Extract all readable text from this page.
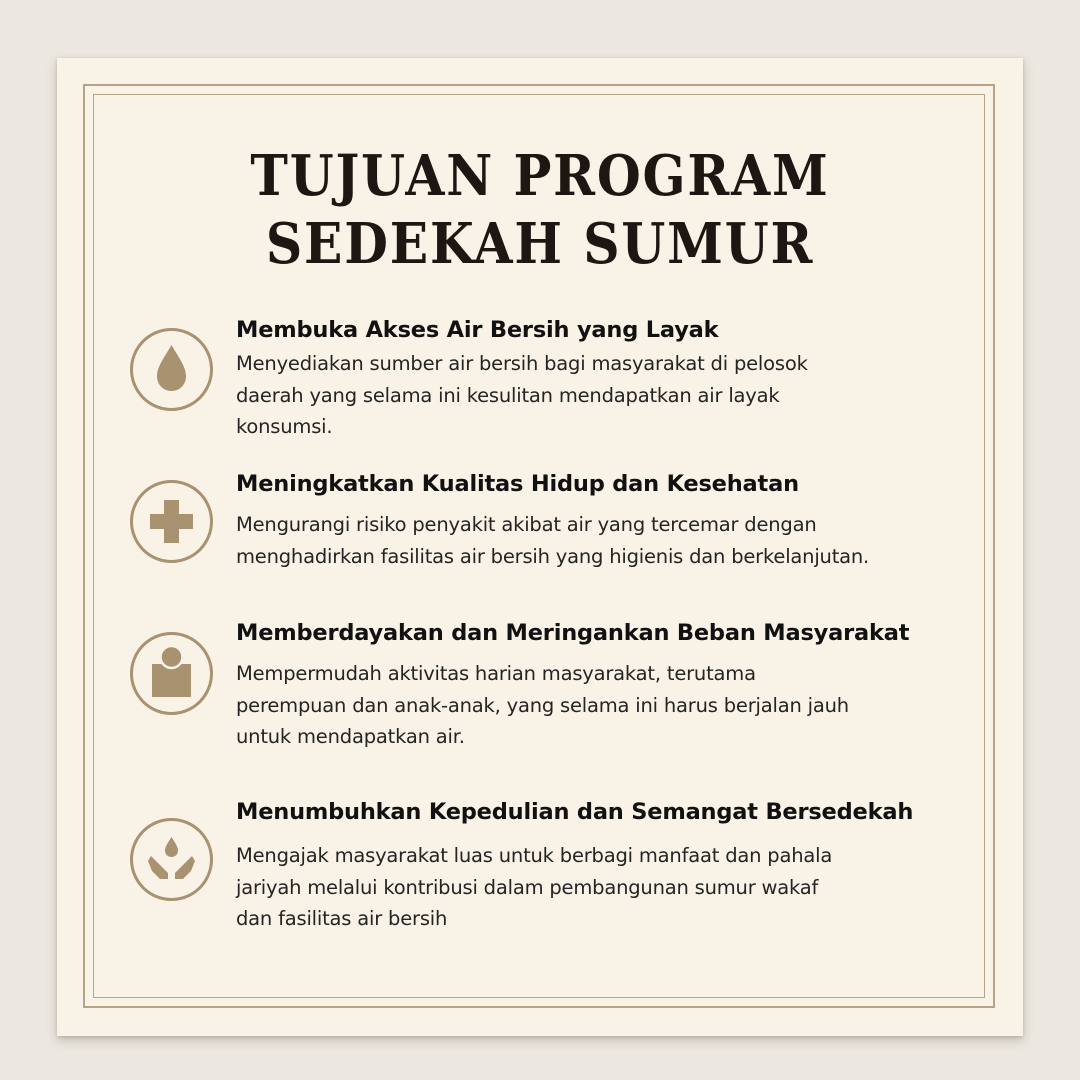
TUJUAN PROGRAM
SEDEKAH SUMUR
Membuka Akses Air Bersih yang Layak

Menyediakan sumber air bersih bagi masyarakat di pelosok
daerah yang selama ini kesulitan mendapatkan air layak
konsumsi.

Meningkatkan Kualitas Hidup dan Kesehatan

Mengurangi risiko penyakit akibat air yang tercemar dengan
menghadirkan fasilitas air bersih yang higienis dan berkelanjutan.

Memberdayakan dan Meringankan Beban Masyarakat

Mempermudah aktivitas harian masyarakat, terutama
perempuan dan anak-anak, yang selama ini harus berjalan jauh
untuk mendapatkan air.

Menumbuhkan Kepedulian dan Semangat Bersedekah

Mengajak masyarakat luas untuk berbagi manfaat dan pahala
jariyah melalui kontribusi dalam pembangunan sumur wakaf
dan fasilitas air bersih
